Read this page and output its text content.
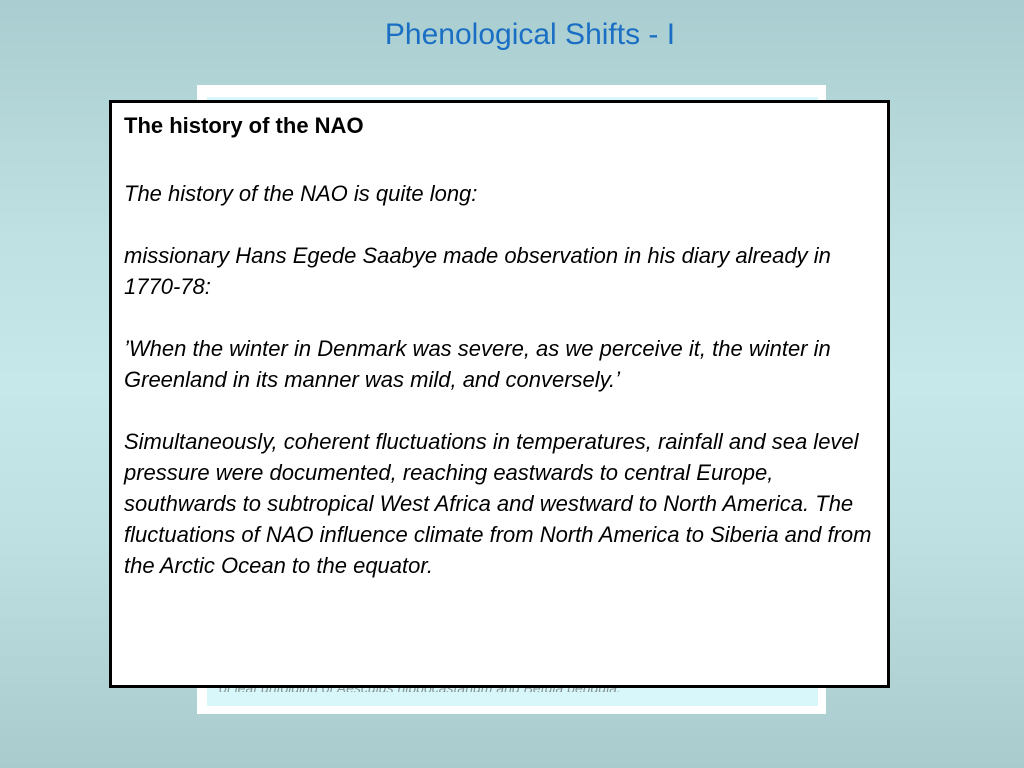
Phenological Shifts - I
The history of the NAO

The history of the NAO is quite long:

missionary Hans Egede Saabye made observation in his diary already in 1770-78:

’When the winter in Denmark was severe, as we perceive it, the winter in Greenland in its manner was mild, and conversely.’

Simultaneously, coherent fluctuations in temperatures, rainfall and sea level pressure were documented, reaching eastwards to central Europe, southwards to subtropical West Africa and westward to North America. The fluctuations of NAO influence climate from North America to Siberia and from the Arctic Ocean to the equator.
